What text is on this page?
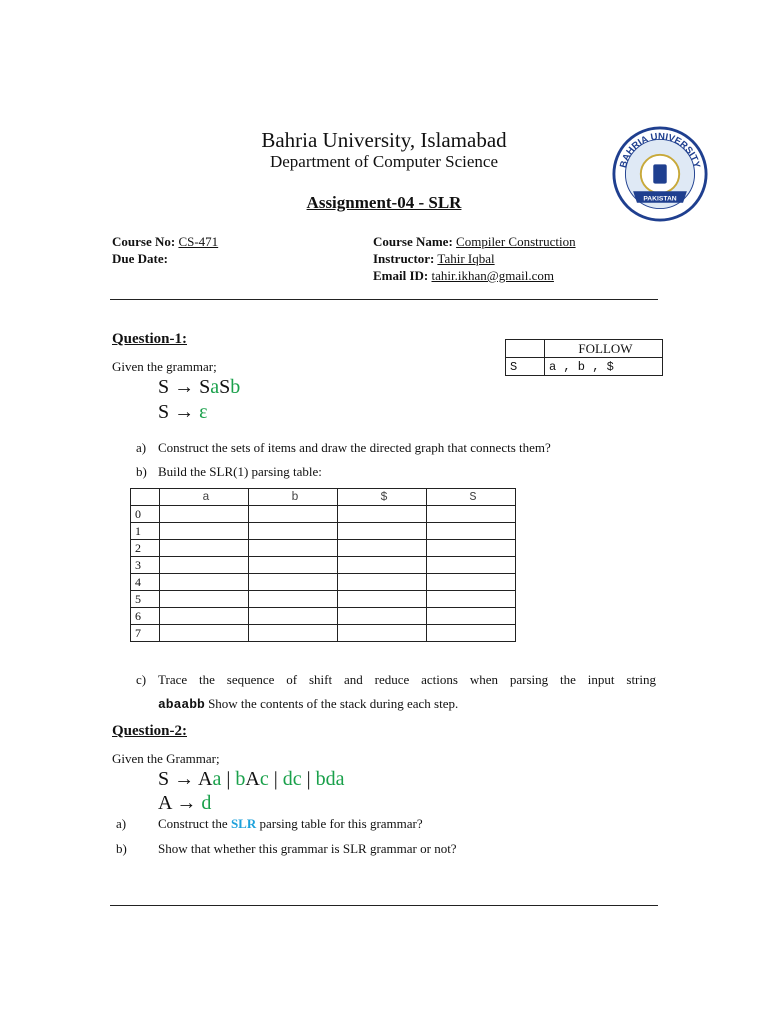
Bahria University, Islamabad
Department of Computer Science
Assignment-04 - SLR
BAHRIA UNIVERSITY
PAKISTAN
Course No: CS-471
Due Date:
Course Name: Compiler Construction
Instructor: Tahir Iqbal
Email ID: tahir.ikhan@gmail.com
Question-1:
Given the grammar;
	FOLLOW
S	a , b , $
S → SaSb
S → ε
a) Construct the sets of items and draw the directed graph that connects them?
b) Build the SLR(1) parsing table:
	a	b	$	S
0				
1				
2				
3				
4				
5				
6				
7				
c) Trace the sequence of shift and reduce actions when parsing the input string
abaabb Show the contents of the stack during each step.
Question-2:
Given the Grammar;
S → Aa | bAc | dc | bda
A → d
a) Construct the SLR parsing table for this grammar?
b) Show that whether this grammar is SLR grammar or not?
